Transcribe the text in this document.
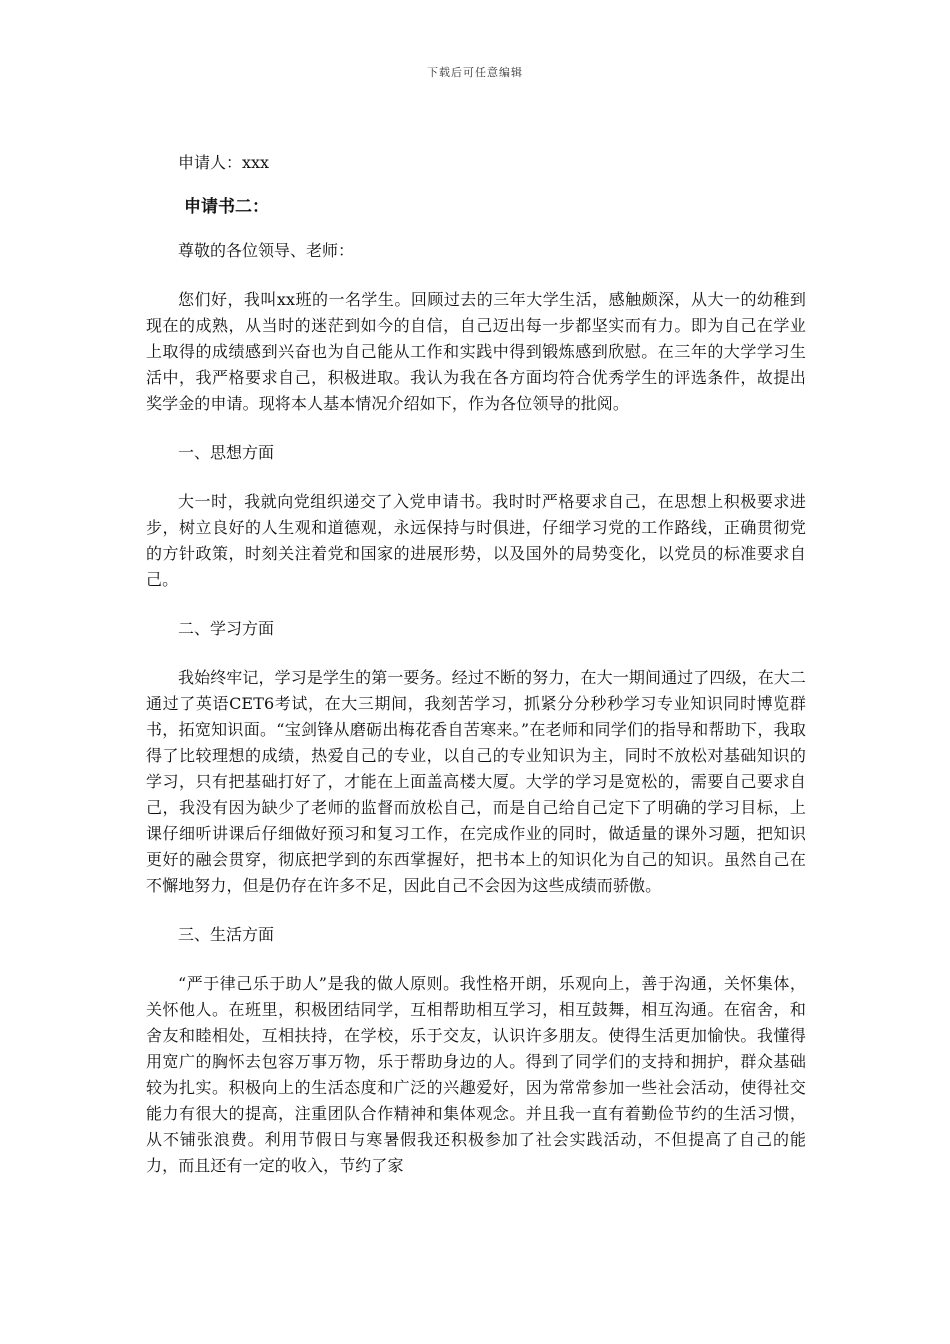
下载后可任意编辑

申请人：xxx

申请书二：

尊敬的各位领导、老师：

您们好，我叫xx班的一名学生。回顾过去的三年大学生活，感触颇深，从大一的幼稚到现在的成熟，从当时的迷茫到如今的自信，自己迈出每一步都坚实而有力。即为自己在学业上取得的成绩感到兴奋也为自己能从工作和实践中得到锻炼感到欣慰。在三年的大学学习生活中，我严格要求自己，积极进取。我认为我在各方面均符合优秀学生的评选条件，故提出奖学金的申请。现将本人基本情况介绍如下，作为各位领导的批阅。

一、思想方面

大一时，我就向党组织递交了入党申请书。我时时严格要求自己，在思想上积极要求进步，树立良好的人生观和道德观，永远保持与时俱进，仔细学习党的工作路线，正确贯彻党的方针政策，时刻关注着党和国家的进展形势，以及国外的局势变化，以党员的标准要求自己。

二、学习方面

我始终牢记，学习是学生的第一要务。经过不断的努力，在大一期间通过了四级，在大二通过了英语CET6考试，在大三期间，我刻苦学习，抓紧分分秒秒学习专业知识同时博览群书，拓宽知识面。“宝剑锋从磨砺出梅花香自苦寒来。”在老师和同学们的指导和帮助下，我取得了比较理想的成绩，热爱自己的专业，以自己的专业知识为主，同时不放松对基础知识的学习，只有把基础打好了，才能在上面盖高楼大厦。大学的学习是宽松的，需要自己要求自己，我没有因为缺少了老师的监督而放松自己，而是自己给自己定下了明确的学习目标，上课仔细听讲课后仔细做好预习和复习工作，在完成作业的同时，做适量的课外习题，把知识更好的融会贯穿，彻底把学到的东西掌握好，把书本上的知识化为自己的知识。虽然自己在不懈地努力，但是仍存在许多不足，因此自己不会因为这些成绩而骄傲。

三、生活方面

“严于律己乐于助人”是我的做人原则。我性格开朗，乐观向上，善于沟通，关怀集体，关怀他人。在班里，积极团结同学，互相帮助相互学习，相互鼓舞，相互沟通。在宿舍，和舍友和睦相处，互相扶持，在学校，乐于交友，认识许多朋友。使得生活更加愉快。我懂得用宽广的胸怀去包容万事万物，乐于帮助身边的人。得到了同学们的支持和拥护，群众基础较为扎实。积极向上的生活态度和广泛的兴趣爱好，因为常常参加一些社会活动，使得社交能力有很大的提高，注重团队合作精神和集体观念。并且我一直有着勤俭节约的生活习惯，从不铺张浪费。利用节假日与寒暑假我还积极参加了社会实践活动，不但提高了自己的能力，而且还有一定的收入，节约了家
